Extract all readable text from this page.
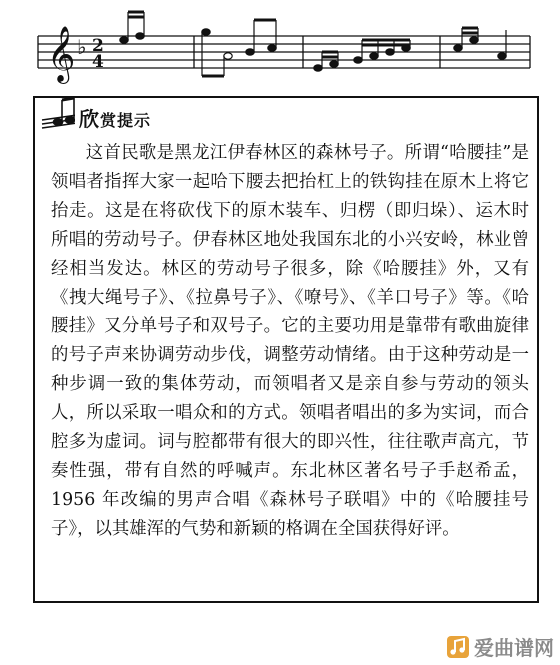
𝄞 ♭ 2
4
欣赏提示

这首民歌是黑龙江伊春林区的森林号子。所谓“哈腰挂”是领唱者指挥大家一起哈下腰去把抬杠上的铁钩挂在原木上将它抬走。这是在将砍伐下的原木装车、归楞（即归垛）、运木时所唱的劳动号子。伊春林区地处我国东北的小兴安岭，林业曾经相当发达。林区的劳动号子很多，除《哈腰挂》外，又有《拽大绳号子》、《拉鼻号子》、《嘹号》、《羊口号子》等。《哈腰挂》又分单号子和双号子。它的主要功用是靠带有歌曲旋律的号子声来协调劳动步伐，调整劳动情绪。由于这种劳动是一种步调一致的集体劳动，而领唱者又是亲自参与劳动的领头人，所以采取一唱众和的方式。领唱者唱出的多为实词，而合腔多为虚词。词与腔都带有很大的即兴性，往往歌声高亢，节奏性强，带有自然的呼喊声。东北林区著名号子手赵希孟，1956 年改编的男声合唱《森林号子联唱》中的《哈腰挂号子》，以其雄浑的气势和新颖的格调在全国获得好评。

爱曲谱网
